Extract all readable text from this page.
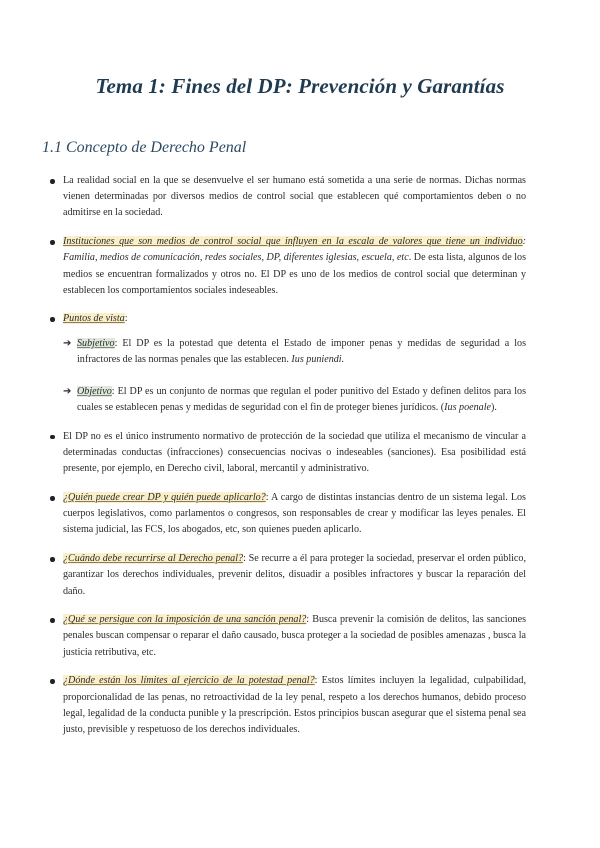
Tema 1: Fines del DP: Prevención y Garantías
1.1 Concepto de Derecho Penal
La realidad social en la que se desenvuelve el ser humano está sometida a una serie de normas. Dichas normas vienen determinadas por diversos medios de control social que establecen qué comportamientos deben o no admitirse en la sociedad.
Instituciones que son medios de control social que influyen en la escala de valores que tiene un individuo: Familia, medios de comunicación, redes sociales, DP, diferentes iglesias, escuela, etc. De esta lista, algunos de los medios se encuentran formalizados y otros no. El DP es uno de los medios de control social que determinan y establecen los comportamientos sociales indeseables.
Puntos de vista:
➔ Subjetivo: El DP es la potestad que detenta el Estado de imponer penas y medidas de seguridad a los infractores de las normas penales que las establecen. Ius puniendi.
➔ Objetivo: El DP es un conjunto de normas que regulan el poder punitivo del Estado y definen delitos para los cuales se establecen penas y medidas de seguridad con el fin de proteger bienes jurídicos. (Ius poenale).
El DP no es el único instrumento normativo de protección de la sociedad que utiliza el mecanismo de vincular a determinadas conductas (infracciones) consecuencias nocivas o indeseables (sanciones). Esa posibilidad está presente, por ejemplo, en Derecho civil, laboral, mercantil y administrativo.
¿Quién puede crear DP y quién puede aplicarlo?: A cargo de distintas instancias dentro de un sistema legal. Los cuerpos legislativos, como parlamentos o congresos, son responsables de crear y modificar las leyes penales. El sistema judicial, las FCS, los abogados, etc, son quienes pueden aplicarlo.
¿Cuándo debe recurrirse al Derecho penal?: Se recurre a él para proteger la sociedad, preservar el orden público, garantizar los derechos individuales, prevenir delitos, disuadir a posibles infractores y buscar la reparación del daño.
¿Qué se persigue con la imposición de una sanción penal?: Busca prevenir la comisión de delitos, las sanciones penales buscan compensar o reparar el daño causado, busca proteger a la sociedad de posibles amenazas , busca la justicia retributiva, etc.
¿Dónde están los límites al ejercicio de la potestad penal?: Estos límites incluyen la legalidad, culpabilidad, proporcionalidad de las penas, no retroactividad de la ley penal, respeto a los derechos humanos, debido proceso legal, legalidad de la conducta punible y la prescripción. Estos principios buscan asegurar que el sistema penal sea justo, previsible y respetuoso de los derechos individuales.
